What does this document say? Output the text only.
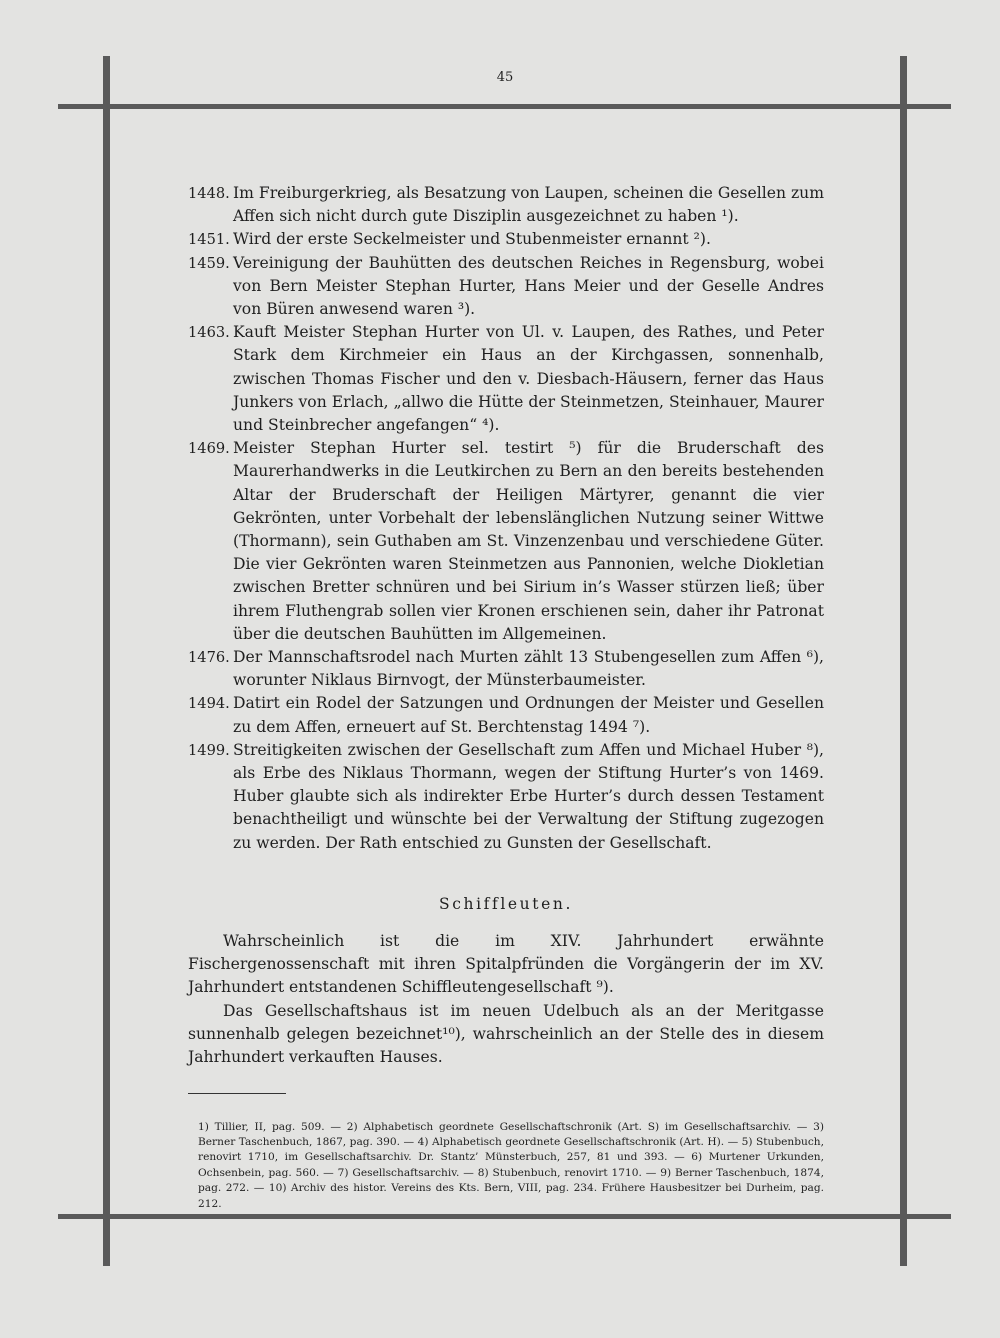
45
1448. Im Freiburgerkrieg, als Besatzung von Laupen, scheinen die Gesellen zum Affen sich nicht durch gute Disziplin ausgezeichnet zu haben ¹).
1451. Wird der erste Seckelmeister und Stubenmeister ernannt ²).
1459. Vereinigung der Bauhütten des deutschen Reiches in Regensburg, wobei von Bern Meister Stephan Hurter, Hans Meier und der Geselle Andres von Büren anwesend waren ³).
1463. Kauft Meister Stephan Hurter von Ul. v. Laupen, des Rathes, und Peter Stark dem Kirchmeier ein Haus an der Kirchgassen, sonnenhalb, zwischen Thomas Fischer und den v. Diesbach-Häusern, ferner das Haus Junkers von Erlach, „allwo die Hütte der Steinmetzen, Steinhauer, Maurer und Steinbrecher angefangen“ ⁴).
1469. Meister Stephan Hurter sel. testirt ⁵) für die Bruderschaft des Maurerhandwerks in die Leutkirchen zu Bern an den bereits bestehenden Altar der Bruderschaft der Heiligen Märtyrer, genannt die vier Gekrönten, unter Vorbehalt der lebenslänglichen Nutzung seiner Wittwe (Thormann), sein Guthaben am St. Vinzenzenbau und verschiedene Güter. Die vier Gekrönten waren Steinmetzen aus Pannonien, welche Diokletian zwischen Bretter schnüren und bei Sirium in’s Wasser stürzen ließ; über ihrem Fluthengrab sollen vier Kronen erschienen sein, daher ihr Patronat über die deutschen Bauhütten im Allgemeinen.
1476. Der Mannschaftsrodel nach Murten zählt 13 Stubengesellen zum Affen ⁶), worunter Niklaus Birnvogt, der Münsterbaumeister.
1494. Datirt ein Rodel der Satzungen und Ordnungen der Meister und Gesellen zu dem Affen, erneuert auf St. Berchtenstag 1494 ⁷).
1499. Streitigkeiten zwischen der Gesellschaft zum Affen und Michael Huber ⁸), als Erbe des Niklaus Thormann, wegen der Stiftung Hurter’s von 1469. Huber glaubte sich als indirekter Erbe Hurter’s durch dessen Testament benachtheiligt und wünschte bei der Verwaltung der Stiftung zugezogen zu werden. Der Rath entschied zu Gunsten der Gesellschaft.
Schiffleuten.

Wahrscheinlich ist die im XIV. Jahrhundert erwähnte Fischergenossenschaft mit ihren Spitalpfründen die Vorgängerin der im XV. Jahrhundert entstandenen Schiffleutengesellschaft ⁹).

Das Gesellschaftshaus ist im neuen Udelbuch als an der Meritgasse sunnenhalb gelegen bezeichnet¹⁰), wahrscheinlich an der Stelle des in diesem Jahrhundert verkauften Hauses.

1) Tillier, II, pag. 509. — 2) Alphabetisch geordnete Gesellschaftschronik (Art. S) im Gesellschaftsarchiv. — 3) Berner Taschenbuch, 1867, pag. 390. — 4) Alphabetisch geordnete Gesellschaftschronik (Art. H). — 5) Stubenbuch, renovirt 1710, im Gesellschaftsarchiv. Dr. Stantz’ Münsterbuch, 257, 81 und 393. — 6) Murtener Urkunden, Ochsenbein, pag. 560. — 7) Gesellschaftsarchiv. — 8) Stubenbuch, renovirt 1710. — 9) Berner Taschenbuch, 1874, pag. 272. — 10) Archiv des histor. Vereins des Kts. Bern, VIII, pag. 234. Frühere Hausbesitzer bei Durheim, pag. 212.
